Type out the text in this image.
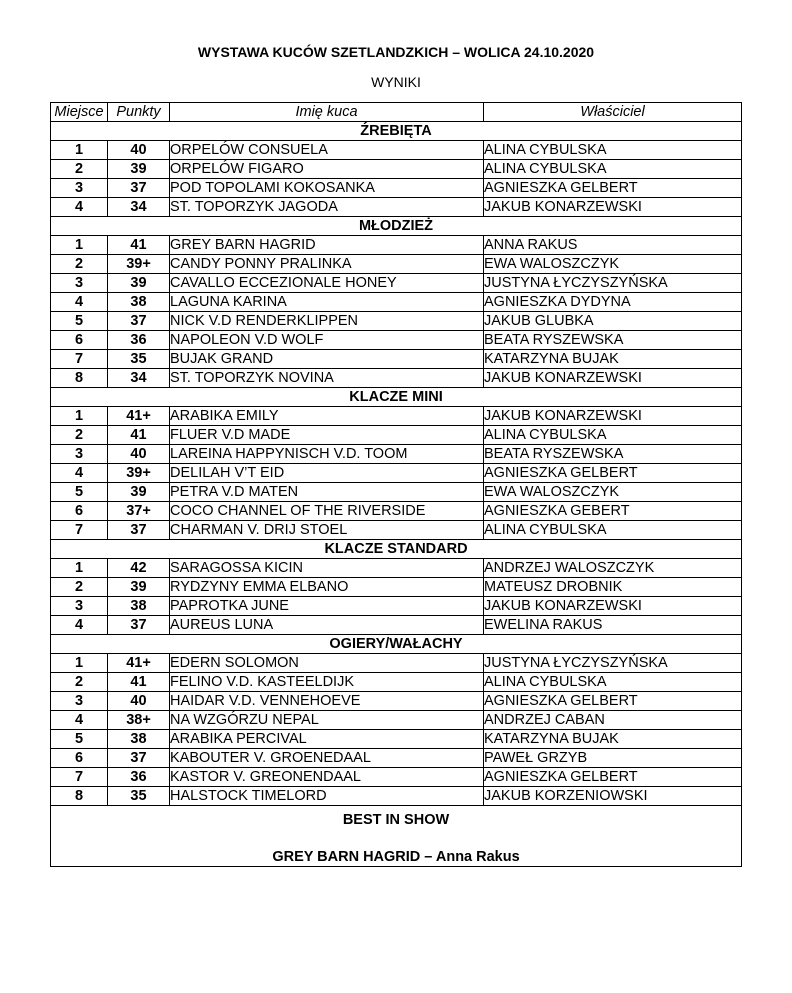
WYSTAWA KUCÓW SZETLANDZKICH – WOLICA 24.10.2020
WYNIKI
Miejsce	Punkty	Imię kuca	Właściciel
ŹREBIĘTA			
1	40	ORPELÓW CONSUELA	ALINA CYBULSKA
2	39	ORPELÓW FIGARO	ALINA CYBULSKA
3	37	POD TOPOLAMI KOKOSANKA	AGNIESZKA GELBERT
4	34	ST. TOPORZYK JAGODA	JAKUB KONARZEWSKI
MŁODZIEŻ			
1	41	GREY BARN HAGRID	ANNA RAKUS
2	39+	CANDY PONNY PRALINKA	EWA WALOSZCZYK
3	39	CAVALLO ECCEZIONALE HONEY	JUSTYNA ŁYCZYSZYŃSKA
4	38	LAGUNA KARINA	AGNIESZKA DYDYNA
5	37	NICK V.D RENDERKLIPPEN	JAKUB GLUBKA
6	36	NAPOLEON V.D WOLF	BEATA RYSZEWSKA
7	35	BUJAK GRAND	KATARZYNA BUJAK
8	34	ST. TOPORZYK NOVINA	JAKUB KONARZEWSKI
KLACZE MINI			
1	41+	ARABIKA EMILY	JAKUB KONARZEWSKI
2	41	FLUER V.D MADE	ALINA CYBULSKA
3	40	LAREINA HAPPYNISCH V.D. TOOM	BEATA RYSZEWSKA
4	39+	DELILAH V’T EID	AGNIESZKA GELBERT
5	39	PETRA V.D MATEN	EWA WALOSZCZYK
6	37+	COCO CHANNEL OF THE RIVERSIDE	AGNIESZKA GEBERT
7	37	CHARMAN V. DRIJ STOEL	ALINA CYBULSKA
KLACZE STANDARD			
1	42	SARAGOSSA KICIN	ANDRZEJ WALOSZCZYK
2	39	RYDZYNY EMMA ELBANO	MATEUSZ DROBNIK
3	38	PAPROTKA JUNE	JAKUB KONARZEWSKI
4	37	AUREUS LUNA	EWELINA RAKUS
OGIERY/WAŁACHY			
1	41+	EDERN SOLOMON	JUSTYNA ŁYCZYSZYŃSKA
2	41	FELINO V.D. KASTEELDIJK	ALINA CYBULSKA
3	40	HAIDAR V.D. VENNEHOEVE	AGNIESZKA GELBERT
4	38+	NA WZGÓRZU NEPAL	ANDRZEJ CABAN
5	38	ARABIKA PERCIVAL	KATARZYNA BUJAK
6	37	KABOUTER V. GROENEDAAL	PAWEŁ GRZYB
7	36	KASTOR V. GREONENDAAL	AGNIESZKA GELBERT
8	35	HALSTOCK TIMELORD	JAKUB KORZENIOWSKI

BEST IN SHOW
GREY BARN HAGRID – Anna Rakus			
